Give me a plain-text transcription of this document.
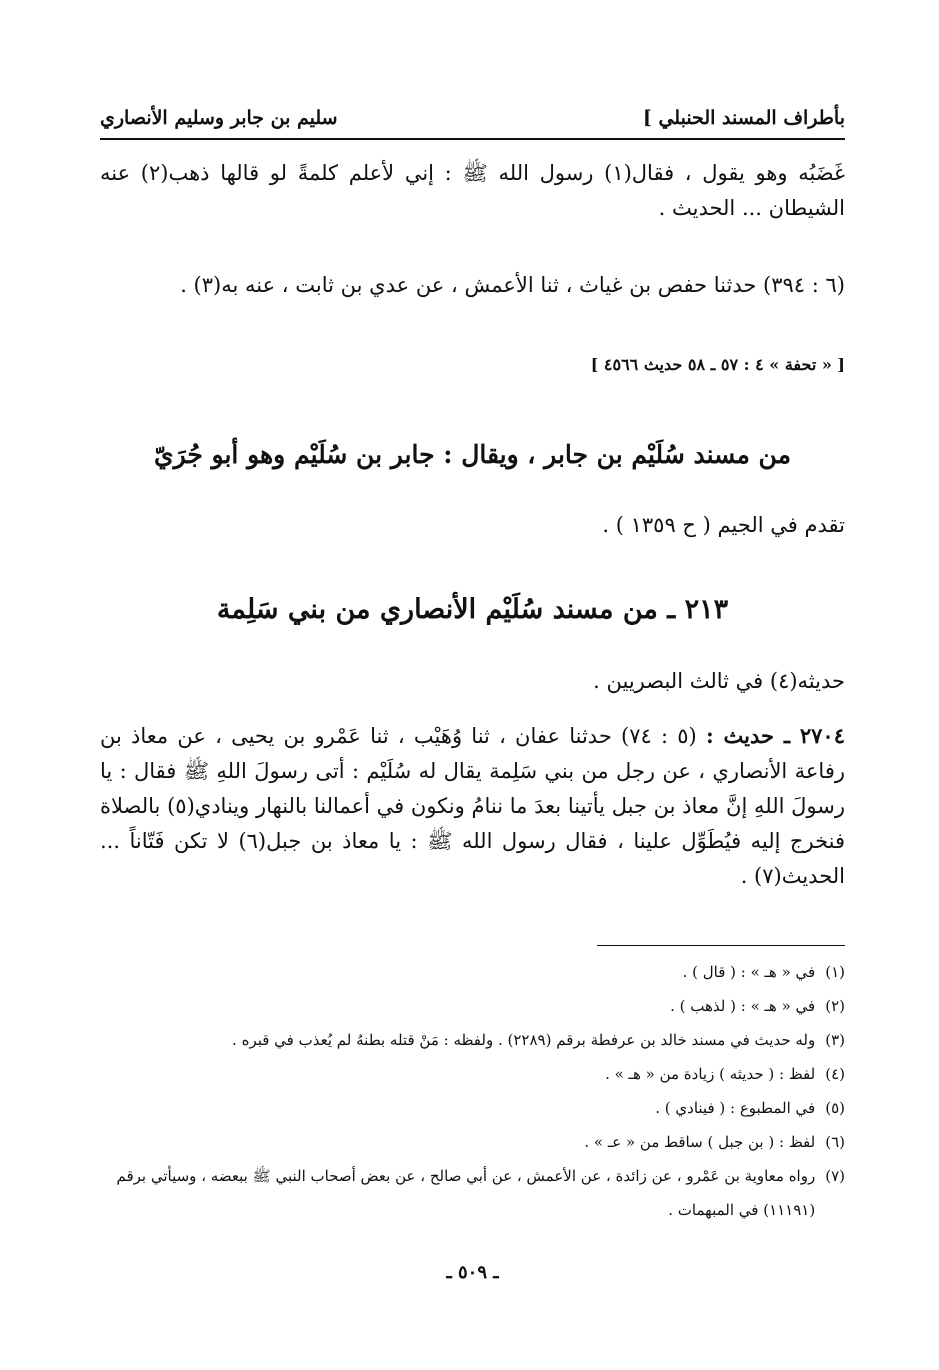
بأطراف المسند الحنبلي ]
سليم بن جابر وسليم الأنصاري
غَضَبُه وهو يقول ، فقال(١) رسول الله ﷺ : إني لأعلم كلمةً لو قالها ذهب(٢) عنه الشيطان ... الحديث .
(٦ : ٣٩٤) حدثنا حفص بن غياث ، ثنا الأعمش ، عن عدي بن ثابت ، عنه به(٣) .
[ « تحفة » ٤ : ٥٧ ـ ٥٨ حديث ٤٥٦٦ ]
من مسند سُلَيْم بن جابر ، ويقال : جابر بن سُلَيْم وهو أبو جُرَيّ
تقدم في الجيم ( ح ١٣٥٩ ) .
٢١٣ ـ من مسند سُلَيْم الأنصاري من بني سَلِمة
حديثه(٤) في ثالث البصريين .
٢٧٠٤ ـ حديث : (٥ : ٧٤) حدثنا عفان ، ثنا وُهَيْب ، ثنا عَمْرو بن يحيى ، عن معاذ بن رفاعة الأنصاري ، عن رجل من بني سَلِمة يقال له سُلَيْم : أتى رسولَ اللهِ ﷺ فقال : يا رسولَ اللهِ إنَّ معاذ بن جبل يأتينا بعدَ ما ننامُ ونكون في أعمالنا بالنهار وينادي(٥) بالصلاة فنخرج إليه فيُطَوِّل علينا ، فقال رسول الله ﷺ : يا معاذ بن جبل(٦) لا تكن فَتّاناً ... الحديث(٧) .
(١)
في « هـ » : ( قال ) .
(٢)
في « هـ » : ( لذهب ) .
(٣)
وله حديث في مسند خالد بن عرفطة برقم (٢٢٨٩) . ولفظه : مَنْ قتله بطنهُ لم يُعذب في قبره .
(٤)
لفظ : ( حديثه ) زيادة من « هـ » .
(٥)
في المطبوع : ( فينادي ) .
(٦)
لفظ : ( بن جبل ) ساقط من « عـ » .
(٧)
رواه معاوية بن عَمْرو ، عن زائدة ، عن الأعمش ، عن أبي صالح ، عن بعض أصحاب النبي ﷺ ببعضه ، وسيأتي برقم (١١١٩١) في المبهمات .
ـ ٥٠٩ ـ
